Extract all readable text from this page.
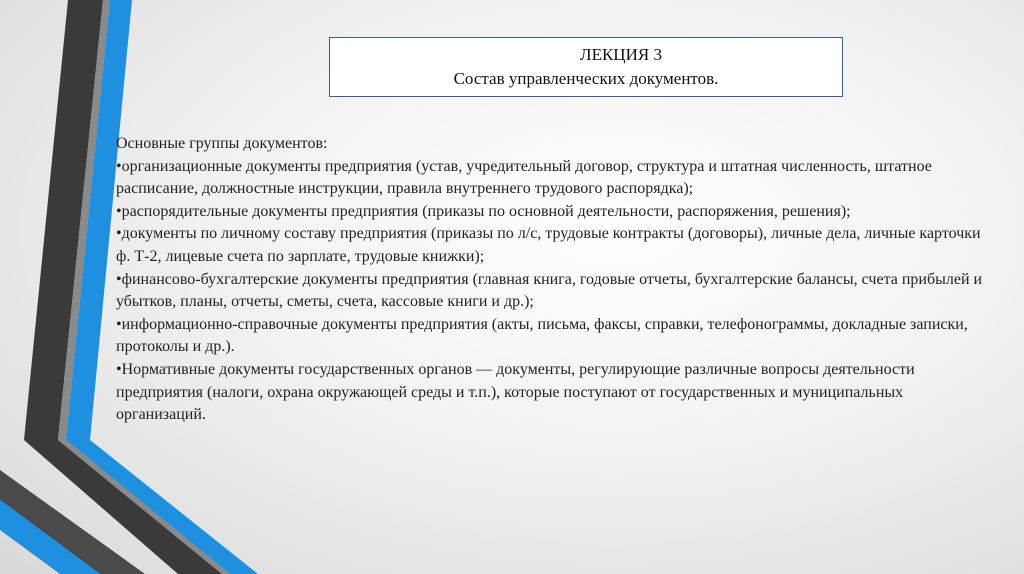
ЛЕКЦИЯ 3
Состав управленческих документов.

Основные группы документов:

•организационные документы предприятия (устав, учредительный договор, структура и штатная численность, штатное расписание, должностные инструкции, правила внутреннего трудового распорядка);

•распорядительные документы предприятия (приказы по основной деятельности, распоряжения, решения);

•документы по личному составу предприятия (приказы по л/с, трудовые контракты (договоры), личные дела, личные карточки ф. Т-2, лицевые счета по зарплате, трудовые книжки);

•финансово-бухгалтерские документы предприятия (главная книга, годовые отчеты, бухгалтерские балансы, счета прибылей и убытков, планы, отчеты, сметы, счета, кассовые книги и др.);

•информационно-справочные документы предприятия (акты, письма, факсы, справки, телефонограммы, докладные записки, протоколы и др.).

•Нормативные документы государственных органов — документы, регулирующие различные вопросы деятельности предприятия (налоги, охрана окружающей среды и т.п.), которые поступают от государственных и муниципальных организаций.
